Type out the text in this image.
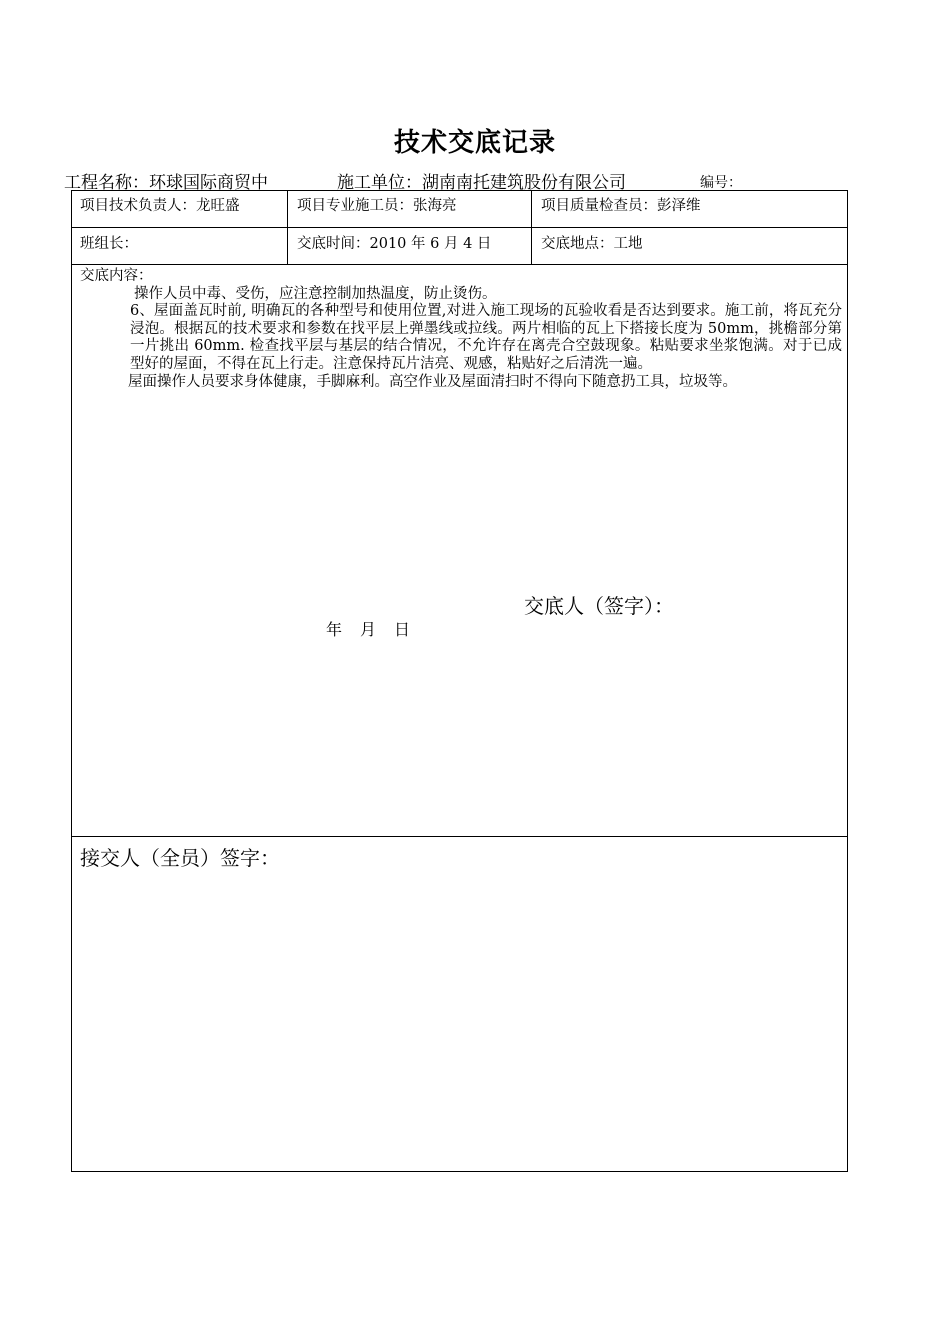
技术交底记录
工程名称：环球国际商贸中	施工单位：湖南南托建筑股份有限公司	编号：
项目技术负责人：龙旺盛	项目专业施工员：张海亮	项目质量检查员：彭泽维
班组长：	交底时间：2010 年 6 月 4 日	交底地点：工地

交底内容：

操作人员中毒、受伤，应注意控制加热温度，防止烫伤。

6、屋面盖瓦时前, 明确瓦的各种型号和使用位置,对进入施工现场的瓦验收看是否达到要求。施工前，将瓦充分浸泡。根据瓦的技术要求和参数在找平层上弹墨线或拉线。两片相临的瓦上下搭接长度为 50mm，挑檐部分第一片挑出 60mm. 检查找平层与基层的结合情况，不允许存在离壳合空鼓现象。粘贴要求坐浆饱满。对于已成型好的屋面，不得在瓦上行走。注意保持瓦片洁亮、观感，粘贴好之后清洗一遍。

屋面操作人员要求身体健康，手脚麻利。高空作业及屋面清扫时不得向下随意扔工具，垃圾等。

交底人（签字）：
年 月 日
接交人（全员）签字：
